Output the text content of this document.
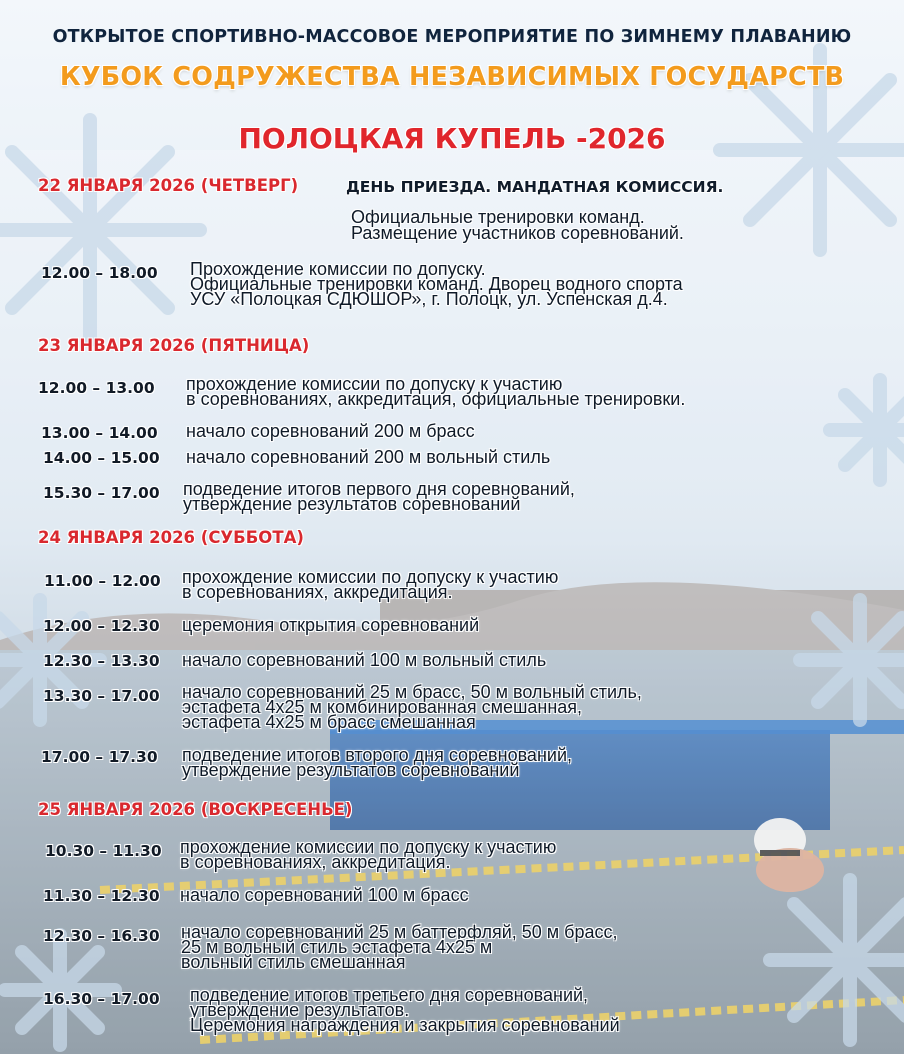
ОТКРЫТОЕ СПОРТИВНО-МАССОВОЕ МЕРОПРИЯТИЕ ПО ЗИМНЕМУ ПЛАВАНИЮ
КУБОК СОДРУЖЕСТВА НЕЗАВИСИМЫХ ГОСУДАРСТВ
ПОЛОЦКАЯ КУПЕЛЬ -2026
22 ЯНВАРЯ 2026 (ЧЕТВЕРГ)	ДЕНЬ ПРИЕЗДА. МАНДАТНАЯ КОМИССИЯ.
Официальные тренировки команд.
Размещение участников соревнований.
12.00 – 18.00 Прохождение комиссии по допуску.
Официальные тренировки команд. Дворец водного спорта
УСУ «Полоцкая СДЮШОР», г. Полоцк, ул. Успенская д.4.
23 ЯНВАРЯ 2026 (ПЯТНИЦА)
12.00 – 13.00 прохождение комиссии по допуску к участию
в соревнованиях, аккредитация, официальные тренировки.
13.00 – 14.00 начало соревнований 200 м брасс
14.00 – 15.00 начало соревнований 200 м вольный стиль
15.30 – 17.00 подведение итогов первого дня соревнований,
утверждение результатов соревнований
24 ЯНВАРЯ 2026 (СУББОТА)
11.00 – 12.00 прохождение комиссии по допуску к участию
в соревнованиях, аккредитация.
12.00 – 12.30 церемония открытия соревнований
12.30 – 13.30 начало соревнований 100 м вольный стиль
13.30 – 17.00 начало соревнований 25 м брасс, 50 м вольный стиль,
эстафета 4х25 м комбинированная смешанная,
эстафета 4х25 м брасс смешанная
17.00 – 17.30 подведение итогов второго дня соревнований,
утверждение результатов соревнований
25 ЯНВАРЯ 2026 (ВОСКРЕСЕНЬЕ)
10.30 – 11.30 прохождение комиссии по допуску к участию
в соревнованиях, аккредитация.
11.30 – 12.30 начало соревнований 100 м брасс
12.30 – 16.30 начало соревнований 25 м баттерфляй, 50 м брасс,
25 м вольный стиль эстафета 4х25 м
вольный стиль смешанная
16.30 – 17.00 подведение итогов третьего дня соревнований,
утверждение результатов.
Церемония награждения и закрытия соревнований
